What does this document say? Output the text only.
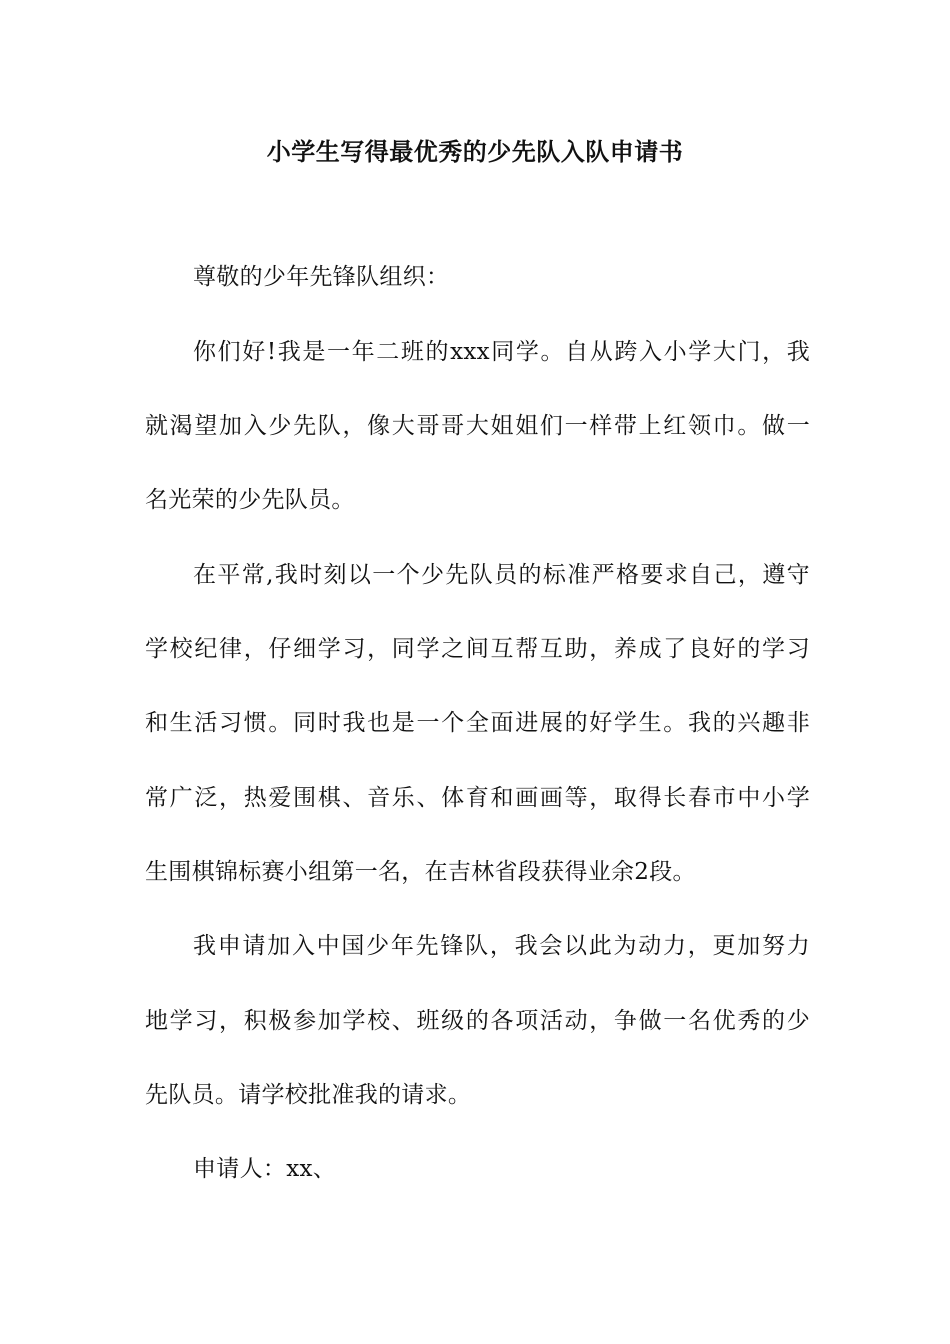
小学生写得最优秀的少先队入队申请书
尊敬的少年先锋队组织：
你们好!我是一年二班的xxx同学。自从跨入小学大门，我
就渴望加入少先队，像大哥哥大姐姐们一样带上红领巾。做一
名光荣的少先队员。
在平常,我时刻以一个少先队员的标准严格要求自己，遵守
学校纪律，仔细学习，同学之间互帮互助，养成了良好的学习
和生活习惯。同时我也是一个全面进展的好学生。我的兴趣非
常广泛，热爱围棋、音乐、体育和画画等，取得长春市中小学
生围棋锦标赛小组第一名，在吉林省段获得业余2段。
我申请加入中国少年先锋队，我会以此为动力，更加努力
地学习，积极参加学校、班级的各项活动，争做一名优秀的少
先队员。请学校批准我的请求。
申请人：xx、
